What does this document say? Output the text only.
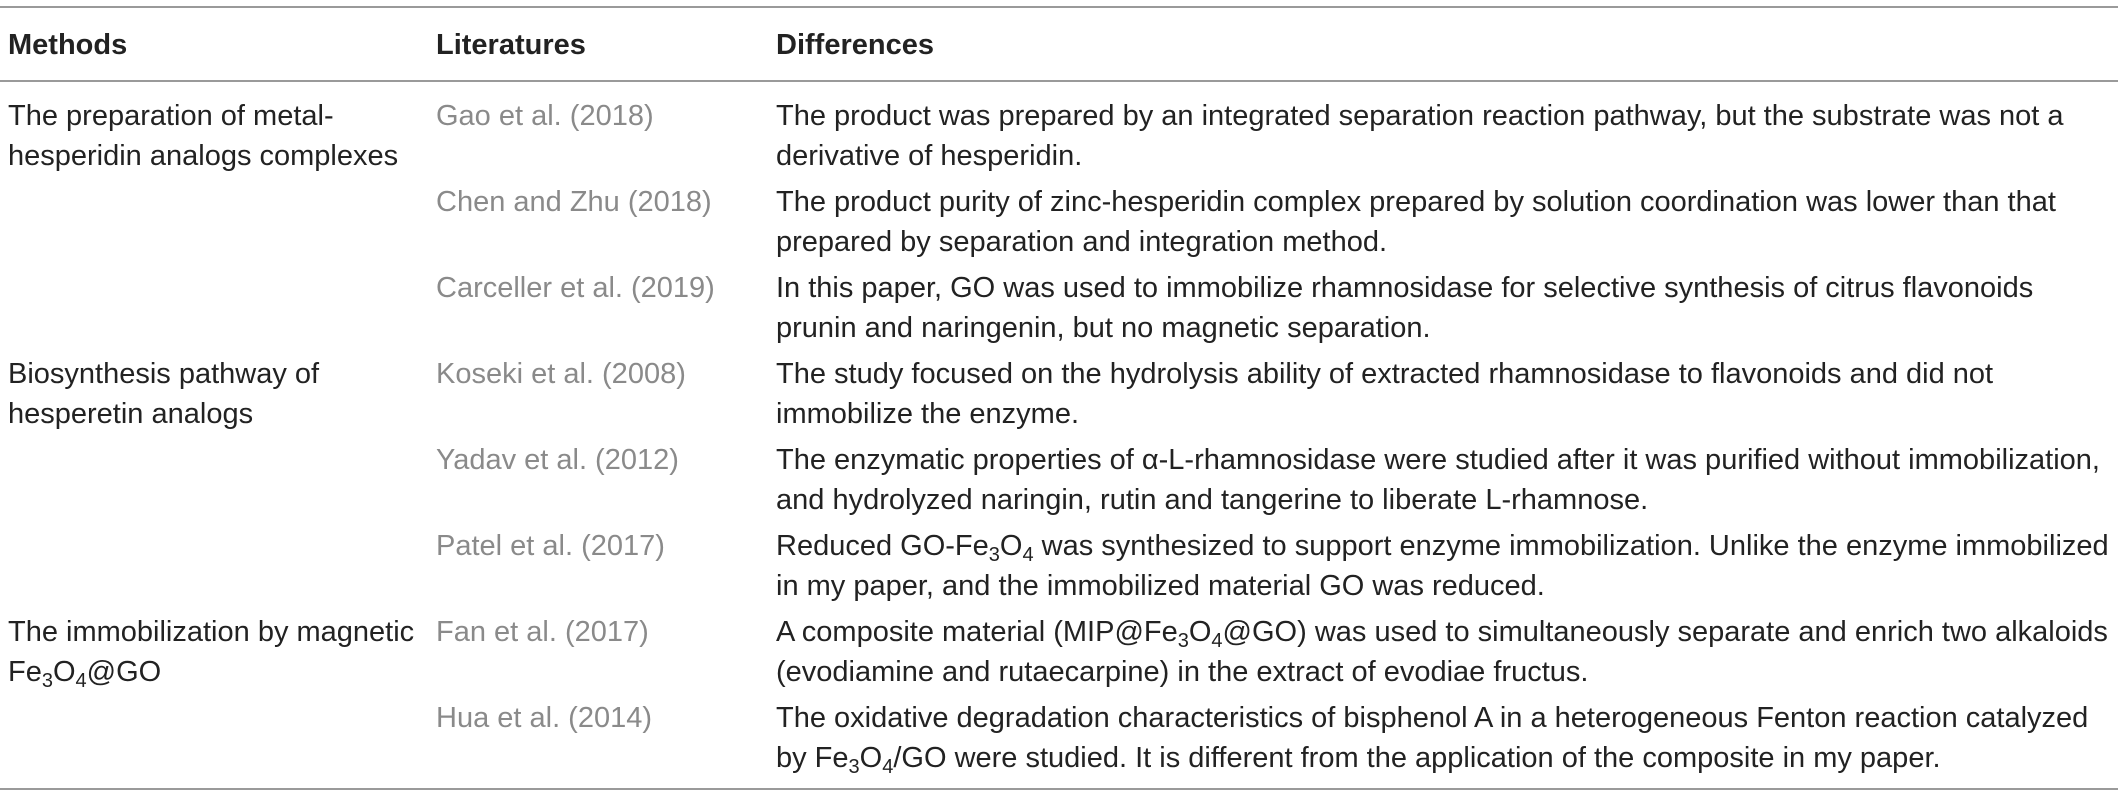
Methods	Literatures	Differences
The preparation of metal-hesperidin analogs complexes	Gao et al. (2018)	The product was prepared by an integrated separation reaction pathway, but the substrate was not a derivative of hesperidin.
	Chen and Zhu (2018)	The product purity of zinc-hesperidin complex prepared by solution coordination was lower than that prepared by separation and integration method.
	Carceller et al. (2019)	In this paper, GO was used to immobilize rhamnosidase for selective synthesis of citrus flavonoids prunin and naringenin, but no magnetic separation.
Biosynthesis pathway of hesperetin analogs	Koseki et al. (2008)	The study focused on the hydrolysis ability of extracted rhamnosidase to flavonoids and did not immobilize the enzyme.
	Yadav et al. (2012)	The enzymatic properties of α-L-rhamnosidase were studied after it was purified without immobilization, and hydrolyzed naringin, rutin and tangerine to liberate L-rhamnose.
	Patel et al. (2017)	Reduced $GO-Fe_3O_4$ was synthesized to support enzyme immobilization. Unlike the enzyme immobilized in my paper, and the immobilized material GO was reduced.
The immobilization by magnetic $Fe_3O_4@GO$	Fan et al. (2017)	A composite material $(MIP@Fe_3O_4@GO)$ was used to simultaneously separate and enrich two alkaloids (evodiamine and rutaecarpine) in the extract of evodiae fructus.
	Hua et al. (2014)	The oxidative degradation characteristics of bisphenol A in a heterogeneous Fenton reaction catalyzed by $Fe_3O_4/GO$ were studied. It is different from the application of the composite in my paper.
